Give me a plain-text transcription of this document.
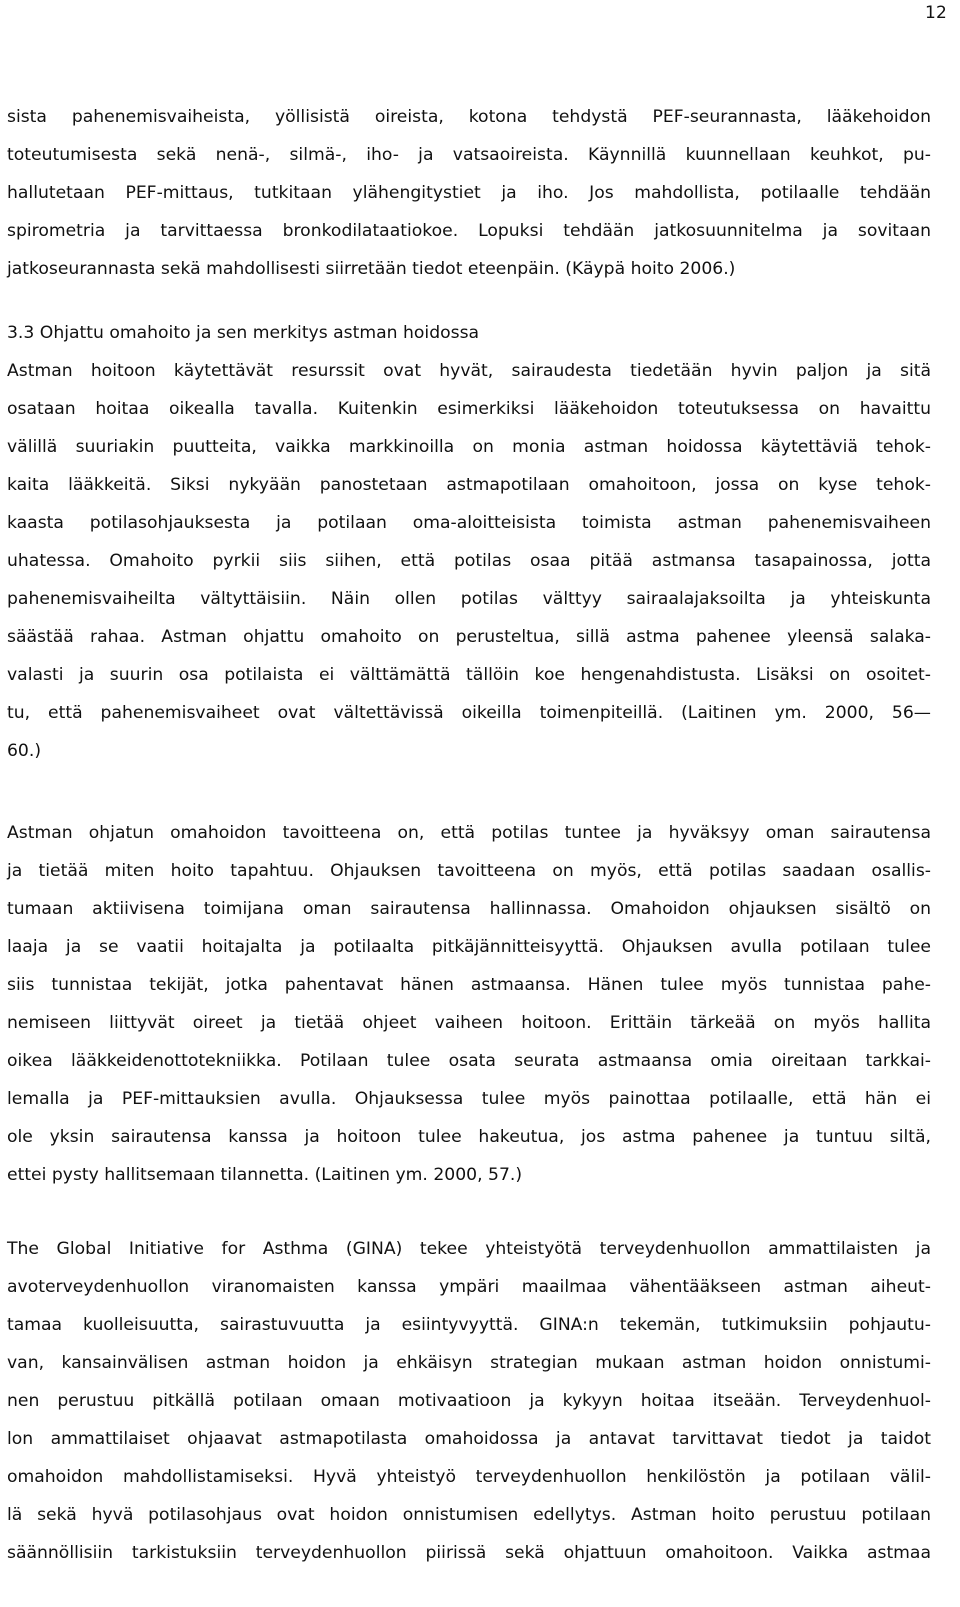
12
sista pahenemisvaiheista, yöllisistä oireista, kotona tehdystä PEF-seurannasta, lääkehoidon
toteutumisesta sekä nenä-, silmä-, iho- ja vatsaoireista. Käynnillä kuunnellaan keuhkot, pu-
hallutetaan PEF-mittaus, tutkitaan ylähengitystiet ja iho. Jos mahdollista, potilaalle tehdään
spirometria ja tarvittaessa bronkodilataatiokoe. Lopuksi tehdään jatkosuunnitelma ja sovitaan
jatkoseurannasta sekä mahdollisesti siirretään tiedot eteenpäin. (Käypä hoito 2006.)
3.3 Ohjattu omahoito ja sen merkitys astman hoidossa
Astman hoitoon käytettävät resurssit ovat hyvät, sairaudesta tiedetään hyvin paljon ja sitä
osataan hoitaa oikealla tavalla. Kuitenkin esimerkiksi lääkehoidon toteutuksessa on havaittu
välillä suuriakin puutteita, vaikka markkinoilla on monia astman hoidossa käytettäviä tehok-
kaita lääkkeitä. Siksi nykyään panostetaan astmapotilaan omahoitoon, jossa on kyse tehok-
kaasta potilasohjauksesta ja potilaan oma-aloitteisista toimista astman pahenemisvaiheen
uhatessa. Omahoito pyrkii siis siihen, että potilas osaa pitää astmansa tasapainossa, jotta
pahenemisvaiheilta vältyttäisiin. Näin ollen potilas välttyy sairaalajaksoilta ja yhteiskunta
säästää rahaa. Astman ohjattu omahoito on perusteltua, sillä astma pahenee yleensä salaka-
valasti ja suurin osa potilaista ei välttämättä tällöin koe hengenahdistusta. Lisäksi on osoitet-
tu, että pahenemisvaiheet ovat vältettävissä oikeilla toimenpiteillä. (Laitinen ym. 2000, 56—
60.)
Astman ohjatun omahoidon tavoitteena on, että potilas tuntee ja hyväksyy oman sairautensa
ja tietää miten hoito tapahtuu. Ohjauksen tavoitteena on myös, että potilas saadaan osallis-
tumaan aktiivisena toimijana oman sairautensa hallinnassa. Omahoidon ohjauksen sisältö on
laaja ja se vaatii hoitajalta ja potilaalta pitkäjännitteisyyttä. Ohjauksen avulla potilaan tulee
siis tunnistaa tekijät, jotka pahentavat hänen astmaansa. Hänen tulee myös tunnistaa pahe-
nemiseen liittyvät oireet ja tietää ohjeet vaiheen hoitoon. Erittäin tärkeää on myös hallita
oikea lääkkeidenottotekniikka. Potilaan tulee osata seurata astmaansa omia oireitaan tarkkai-
lemalla ja PEF-mittauksien avulla. Ohjauksessa tulee myös painottaa potilaalle, että hän ei
ole yksin sairautensa kanssa ja hoitoon tulee hakeutua, jos astma pahenee ja tuntuu siltä,
ettei pysty hallitsemaan tilannetta. (Laitinen ym. 2000, 57.)
The Global Initiative for Asthma (GINA) tekee yhteistyötä terveydenhuollon ammattilaisten ja
avoterveydenhuollon viranomaisten kanssa ympäri maailmaa vähentääkseen astman aiheut-
tamaa kuolleisuutta, sairastuvuutta ja esiintyvyyttä. GINA:n tekemän, tutkimuksiin pohjautu-
van, kansainvälisen astman hoidon ja ehkäisyn strategian mukaan astman hoidon onnistumi-
nen perustuu pitkällä potilaan omaan motivaatioon ja kykyyn hoitaa itseään. Terveydenhuol-
lon ammattilaiset ohjaavat astmapotilasta omahoidossa ja antavat tarvittavat tiedot ja taidot
omahoidon mahdollistamiseksi. Hyvä yhteistyö terveydenhuollon henkilöstön ja potilaan välil-
lä sekä hyvä potilasohjaus ovat hoidon onnistumisen edellytys. Astman hoito perustuu potilaan
säännöllisiin tarkistuksiin terveydenhuollon piirissä sekä ohjattuun omahoitoon. Vaikka astmaa
